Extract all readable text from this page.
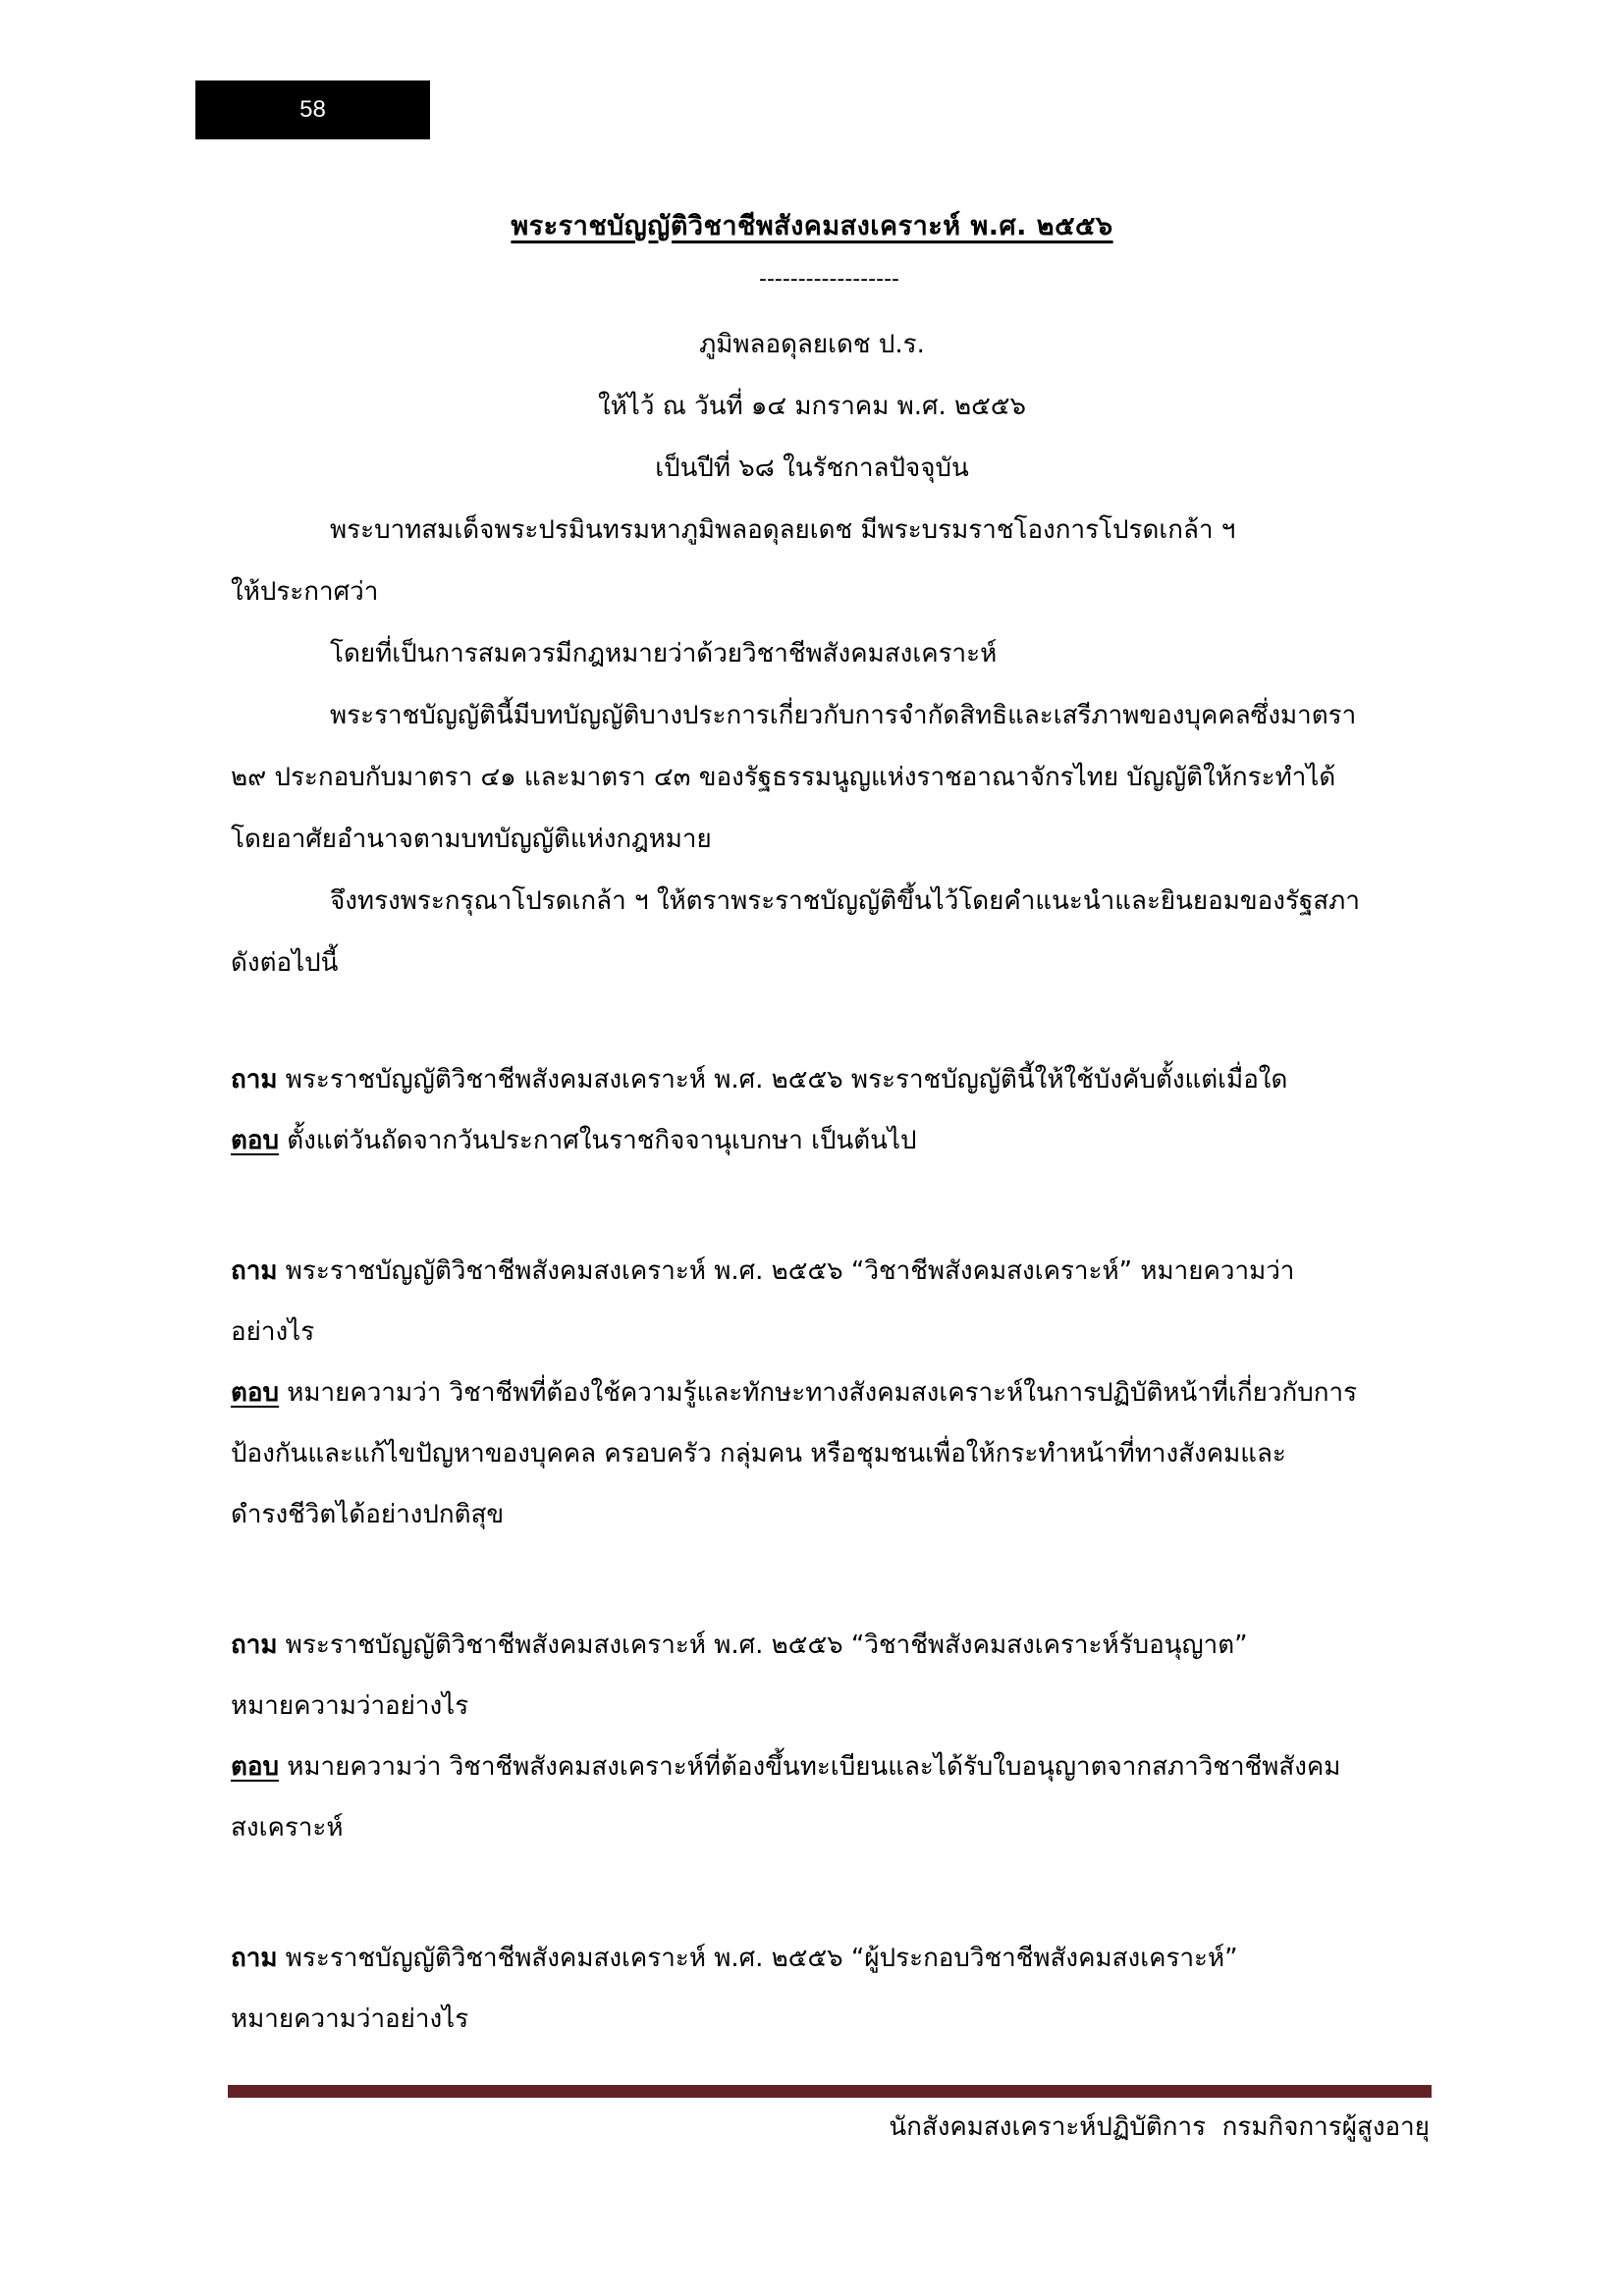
58
พระราชบัญญัติวิชาชีพสังคมสงเคราะห์ พ.ศ. ๒๕๕๖
------------------
ภูมิพลอดุลยเดช ป.ร.
ให้ไว้ ณ วันที่ ๑๔ มกราคม พ.ศ. ๒๕๕๖
เป็นปีที่ ๖๘ ในรัชกาลปัจจุบัน
พระบาทสมเด็จพระปรมินทรมหาภูมิพลอดุลยเดช มีพระบรมราชโองการโปรดเกล้า ฯ
ให้ประกาศว่า
โดยที่เป็นการสมควรมีกฎหมายว่าด้วยวิชาชีพสังคมสงเคราะห์
พระราชบัญญัตินี้มีบทบัญญัติบางประการเกี่ยวกับการจำกัดสิทธิและเสรีภาพของบุคคลซึ่งมาตรา
๒๙ ประกอบกับมาตรา ๔๑ และมาตรา ๔๓ ของรัฐธรรมนูญแห่งราชอาณาจักรไทย บัญญัติให้กระทำได้
โดยอาศัยอำนาจตามบทบัญญัติแห่งกฎหมาย
จึงทรงพระกรุณาโปรดเกล้า ฯ ให้ตราพระราชบัญญัติขึ้นไว้โดยคำแนะนำและยินยอมของรัฐสภา
ดังต่อไปนี้
ถาม พระราชบัญญัติวิชาชีพสังคมสงเคราะห์ พ.ศ. ๒๕๕๖ พระราชบัญญัตินี้ให้ใช้บังคับตั้งแต่เมื่อใด
ตอบ ตั้งแต่วันถัดจากวันประกาศในราชกิจจานุเบกษา เป็นต้นไป
ถาม พระราชบัญญัติวิชาชีพสังคมสงเคราะห์ พ.ศ. ๒๕๕๖ “วิชาชีพสังคมสงเคราะห์” หมายความว่า
อย่างไร
ตอบ หมายความว่า วิชาชีพที่ต้องใช้ความรู้และทักษะทางสังคมสงเคราะห์ในการปฏิบัติหน้าที่เกี่ยวกับการ
ป้องกันและแก้ไขปัญหาของบุคคล ครอบครัว กลุ่มคน หรือชุมชนเพื่อให้กระทำหน้าที่ทางสังคมและ
ดำรงชีวิตได้อย่างปกติสุข
ถาม พระราชบัญญัติวิชาชีพสังคมสงเคราะห์ พ.ศ. ๒๕๕๖ “วิชาชีพสังคมสงเคราะห์รับอนุญาต”
หมายความว่าอย่างไร
ตอบ หมายความว่า วิชาชีพสังคมสงเคราะห์ที่ต้องขึ้นทะเบียนและได้รับใบอนุญาตจากสภาวิชาชีพสังคม
สงเคราะห์
ถาม พระราชบัญญัติวิชาชีพสังคมสงเคราะห์ พ.ศ. ๒๕๕๖ “ผู้ประกอบวิชาชีพสังคมสงเคราะห์”
หมายความว่าอย่างไร
นักสังคมสงเคราะห์ปฏิบัติการ  กรมกิจการผู้สูงอายุ
